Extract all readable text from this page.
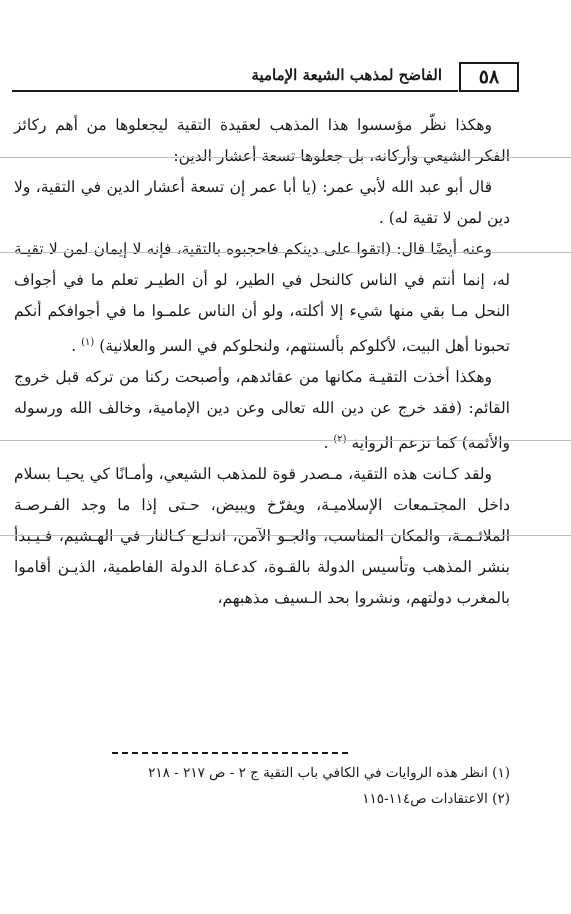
٥٨
الفاضح لمذهب الشيعة الإمامية

وهكذا نظّر مؤسسوا هذا المذهب لعقيدة التقية ليجعلوها من أهم ركائز الفكر الشيعي وأركانه، بل جعلوها تسعة أعشار الدين:

قال أبو عبد الله لأبي عمر: (يا أبا عمر إن تسعة أعشار الدين في التقية، ولا دين لمن لا تقية له) .

وعنه أيضًا قال: (اتقوا على دينكم فاحجبوه بالتقية، فإنه لا إيمان لمن لا تقيـة له، إنما أنتم في الناس كالنحل في الطير، لو أن الطيـر تعلم ما في أجواف النحل مـا بقي منها شيء إلا أكلته، ولو أن الناس علمـوا ما في أجوافكم أنكم تحبونا أهل البيت، لأكلوكم بألسنتهم، ولنحلوكم في السر والعلانية) $^{(١)}$ .

وهكذا أخذت التقيـة مكانها من عقائدهم، وأصبحت ركنا من تركه قبل خروج القائم: (فقد خرج عن دين الله تعالى وعن دين الإمامية، وخالف الله ورسوله والأئمة) كما تزعم الرواية $^{(٢)}$ .

ولقد كـانت هذه التقية، مـصدر قوة للمذهب الشيعي، وأمـانًا كي يحيـا بسلام داخل المجتـمعات الإسلاميـة، ويفرّخ ويبيض، حـتى إذا ما وجد الفـرصـة الملائـمـة، والمكان المناسب، والجـو الآمن، اندلـع كـالنار في الهـشيم، فـيـبدأ بنشر المذهب وتأسيس الدولة بالقـوة، كدعـاة الدولة الفاطمية، الذيـن أقاموا بالمغرب دولتهم، ونشروا بحد الـسيف مذهبهم،

(١) انظر هذه الروايات في الكافي باب التقية ج ٢ - ص ٢١٧ - ٢١٨
(٢) الاعتقادات ص١١٤-١١٥
